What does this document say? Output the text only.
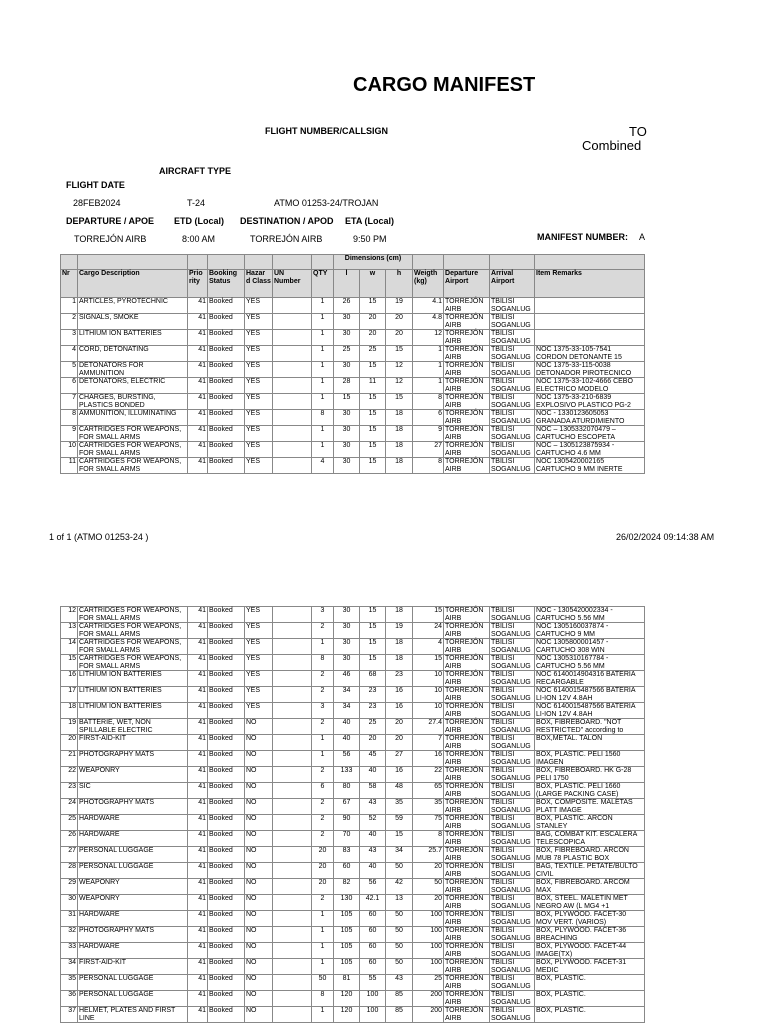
CARGO MANIFEST
FLIGHT NUMBER/CALLSIGN	TO
Combined
AIRCRAFT TYPE
FLIGHT DATE
28FEB2024	T-24	ATMO 01253-24/TROJAN
DEPARTURE / APOE ETD (Local) DESTINATION / APOD ETA (Local)
TORREJÓN AIRB	8:00 AM	TORREJÓN AIRB	9:50 PM	MANIFEST NUMBER: A
							Dimensions (cm)						
Nr	Cargo Description	Prio rity	Booking Status	Hazar d Class	UN Number	QTY	l	w	h	Weigth (kg)	Departure Airport	Arrival Airport	Item Remarks
1	ARTICLES, PYROTECHNIC	41	Booked	YES		1	26	15	19	4.1	TORREJÓN AIRB	TBILISI SOGANLUG	

2	SIGNALS, SMOKE	41	Booked	YES		1	30	20	20	4.8	TORREJÓN AIRB	TBILISI SOGANLUG	

3	LITHIUM ION BATTERIES	41	Booked	YES		1	30	20	20	12	TORREJÓN AIRB	TBILISI SOGANLUG	

4	CORD, DETONATING	41	Booked	YES		1	25	25	15	1	TORREJÓN AIRB	TBILISI SOGANLUG	NOC 1375-33-105-7541 CORDON DETONANTE 15

5	DETONATORS FOR AMMUNITION	41	Booked	YES		1	30	15	12	1	TORREJÓN AIRB	TBILISI SOGANLUG	NOC 1375-33-115-0038 DETONADOR PIROTECNICO

6	DETONATORS, ELECTRIC	41	Booked	YES		1	28	11	12	1	TORREJÓN AIRB	TBILISI SOGANLUG	NOC 1375-33-102-4666 CEBO ELECTRICO MODELO

7	CHARGES, BURSTING, PLASTICS BONDED	41	Booked	YES		1	15	15	15	8	TORREJÓN AIRB	TBILISI SOGANLUG	NOC 1375-33-210-6839 EXPLOSIVO PLASTICO PG-2

8	AMMUNITION, ILLUMINATING	41	Booked	YES		8	30	15	18	6	TORREJÓN AIRB	TBILISI SOGANLUG	NOC - 1330123605053 GRANADA ATURDIMIENTO

9	CARTRIDGES FOR WEAPONS, FOR SMALL ARMS	41	Booked	YES		1	30	15	18	9	TORREJÓN AIRB	TBILISI SOGANLUG	NOC – 1305332070479 – CARTUCHO ESCOPETA

10	CARTRIDGES FOR WEAPONS, FOR SMALL ARMS	41	Booked	YES		1	30	15	18	27	TORREJÓN AIRB	TBILISI SOGANLUG	NOC – 1305123875934 - CARTUCHO 4.6 MM

11	CARTRIDGES FOR WEAPONS, FOR SMALL ARMS	41	Booked	YES		4	30	15	18	8	TORREJÓN AIRB	TBILISI SOGANLUG	NOC 1305420002165 CARTUCHO 9 MM INERTE
1 of 1 (ATMO 01253-24 )	26/02/2024 09:14:38 AM
12	CARTRIDGES FOR WEAPONS, FOR SMALL ARMS	41	Booked	YES		3	30	15	18	15	TORREJÓN AIRB	TBILISI SOGANLUG	NOC - 1305420002334 - CARTUCHO 5.56 MM

13	CARTRIDGES FOR WEAPONS, FOR SMALL ARMS	41	Booked	YES		2	30	15	19	24	TORREJÓN AIRB	TBILISI SOGANLUG	NOC 1305160037874 - CARTUCHO 9 MM

14	CARTRIDGES FOR WEAPONS, FOR SMALL ARMS	41	Booked	YES		1	30	15	18	4	TORREJÓN AIRB	TBILISI SOGANLUG	NOC 1305800001457 - CARTUCHO 308 WIN

15	CARTRIDGES FOR WEAPONS, FOR SMALL ARMS	41	Booked	YES		8	30	15	18	15	TORREJÓN AIRB	TBILISI SOGANLUG	NOC 1305310167784 - CARTUCHO 5.56 MM

16	LITHIUM ION BATTERIES	41	Booked	YES		2	46	68	23	10	TORREJÓN AIRB	TBILISI SOGANLUG	NOC 6140014904316 BATERIA RECARGABLE

17	LITHIUM ION BATTERIES	41	Booked	YES		2	34	23	16	10	TORREJÓN AIRB	TBILISI SOGANLUG	NOC 6140015487566 BATERIA LI-ION 12V 4.8AH

18	LITHIUM ION BATTERIES	41	Booked	YES		3	34	23	16	10	TORREJÓN AIRB	TBILISI SOGANLUG	NOC 6140015487566 BATERIA LI-ION 12V 4.8AH

19	BATTERIE, WET, NON SPILLABLE ELECTRIC	41	Booked	NO		2	40	25	20	27.4	TORREJÓN AIRB	TBILISI SOGANLUG	BOX, FIBREBOARD. "NOT RESTRICTED" according to

20	FIRST-AID-KIT	41	Booked	NO		1	40	20	20	7	TORREJÓN AIRB	TBILISI SOGANLUG	BOX,METAL. TALON

21	PHOTOGRAPHY MATS	41	Booked	NO		1	56	45	27	16	TORREJÓN AIRB	TBILISI SOGANLUG	BOX, PLASTIC. PELI 1560 IMAGEN

22	WEAPONRY	41	Booked	NO		2	133	40	16	22	TORREJÓN AIRB	TBILISI SOGANLUG	BOX, FIBREBOARD. HK G-28 PELI 1750

23	SIC	41	Booked	NO		6	80	58	48	65	TORREJÓN AIRB	TBILISI SOGANLUG	BOX, PLASTIC. PELI 1660 (LARGE PACKING CASE)

24	PHOTOGRAPHY MATS	41	Booked	NO		2	67	43	35	35	TORREJÓN AIRB	TBILISI SOGANLUG	BOX, COMPOSITE. MALETAS PLATT IMAGE

25	HARDWARE	41	Booked	NO		2	90	52	59	75	TORREJÓN AIRB	TBILISI SOGANLUG	BOX, PLASTIC. ARCON STANLEY

26	HARDWARE	41	Booked	NO		2	70	40	15	8	TORREJÓN AIRB	TBILISI SOGANLUG	BAG, COMBAT KIT. ESCALERA TELESCOPICA

27	PERSONAL LUGGAGE	41	Booked	NO		20	83	43	34	25.7	TORREJÓN AIRB	TBILISI SOGANLUG	BOX, FIBREBOARD. ARCON MUB 78 PLASTIC BOX

28	PERSONAL LUGGAGE	41	Booked	NO		20	60	40	50	20	TORREJÓN AIRB	TBILISI SOGANLUG	BAG, TEXTILE. PETATE/BULTO CIVIL

29	WEAPONRY	41	Booked	NO		20	82	56	42	50	TORREJÓN AIRB	TBILISI SOGANLUG	BOX, FIBREBOARD. ARCOM MAX

30	WEAPONRY	41	Booked	NO		2	130	42.1	13	20	TORREJÓN AIRB	TBILISI SOGANLUG	BOX, STEEL. MALETIN MET NEGRO AW (L MG4 +1

31	HARDWARE	41	Booked	NO		1	105	60	50	100	TORREJÓN AIRB	TBILISI SOGANLUG	BOX, PLYWOOD. FACET-30 MOV VERT. (VARIOS)

32	PHOTOGRAPHY MATS	41	Booked	NO		1	105	60	50	100	TORREJÓN AIRB	TBILISI SOGANLUG	BOX, PLYWOOD. FACET-36 BREACHING

33	HARDWARE	41	Booked	NO		1	105	60	50	100	TORREJÓN AIRB	TBILISI SOGANLUG	BOX, PLYWOOD. FACET-44 IMAGE(TX)

34	FIRST-AID-KIT	41	Booked	NO		1	105	60	50	100	TORREJÓN AIRB	TBILISI SOGANLUG	BOX, PLYWOOD. FACET-31 MEDIC

35	PERSONAL LUGGAGE	41	Booked	NO		50	81	55	43	25	TORREJÓN AIRB	TBILISI SOGANLUG	BOX, PLASTIC.

36	PERSONAL LUGGAGE	41	Booked	NO		8	120	100	85	200	TORREJÓN AIRB	TBILISI SOGANLUG	BOX, PLASTIC.

37	HELMET, PLATES AND FIRST LINE	41	Booked	NO		1	120	100	85	200	TORREJÓN AIRB	TBILISI SOGANLUG	BOX, PLASTIC.
